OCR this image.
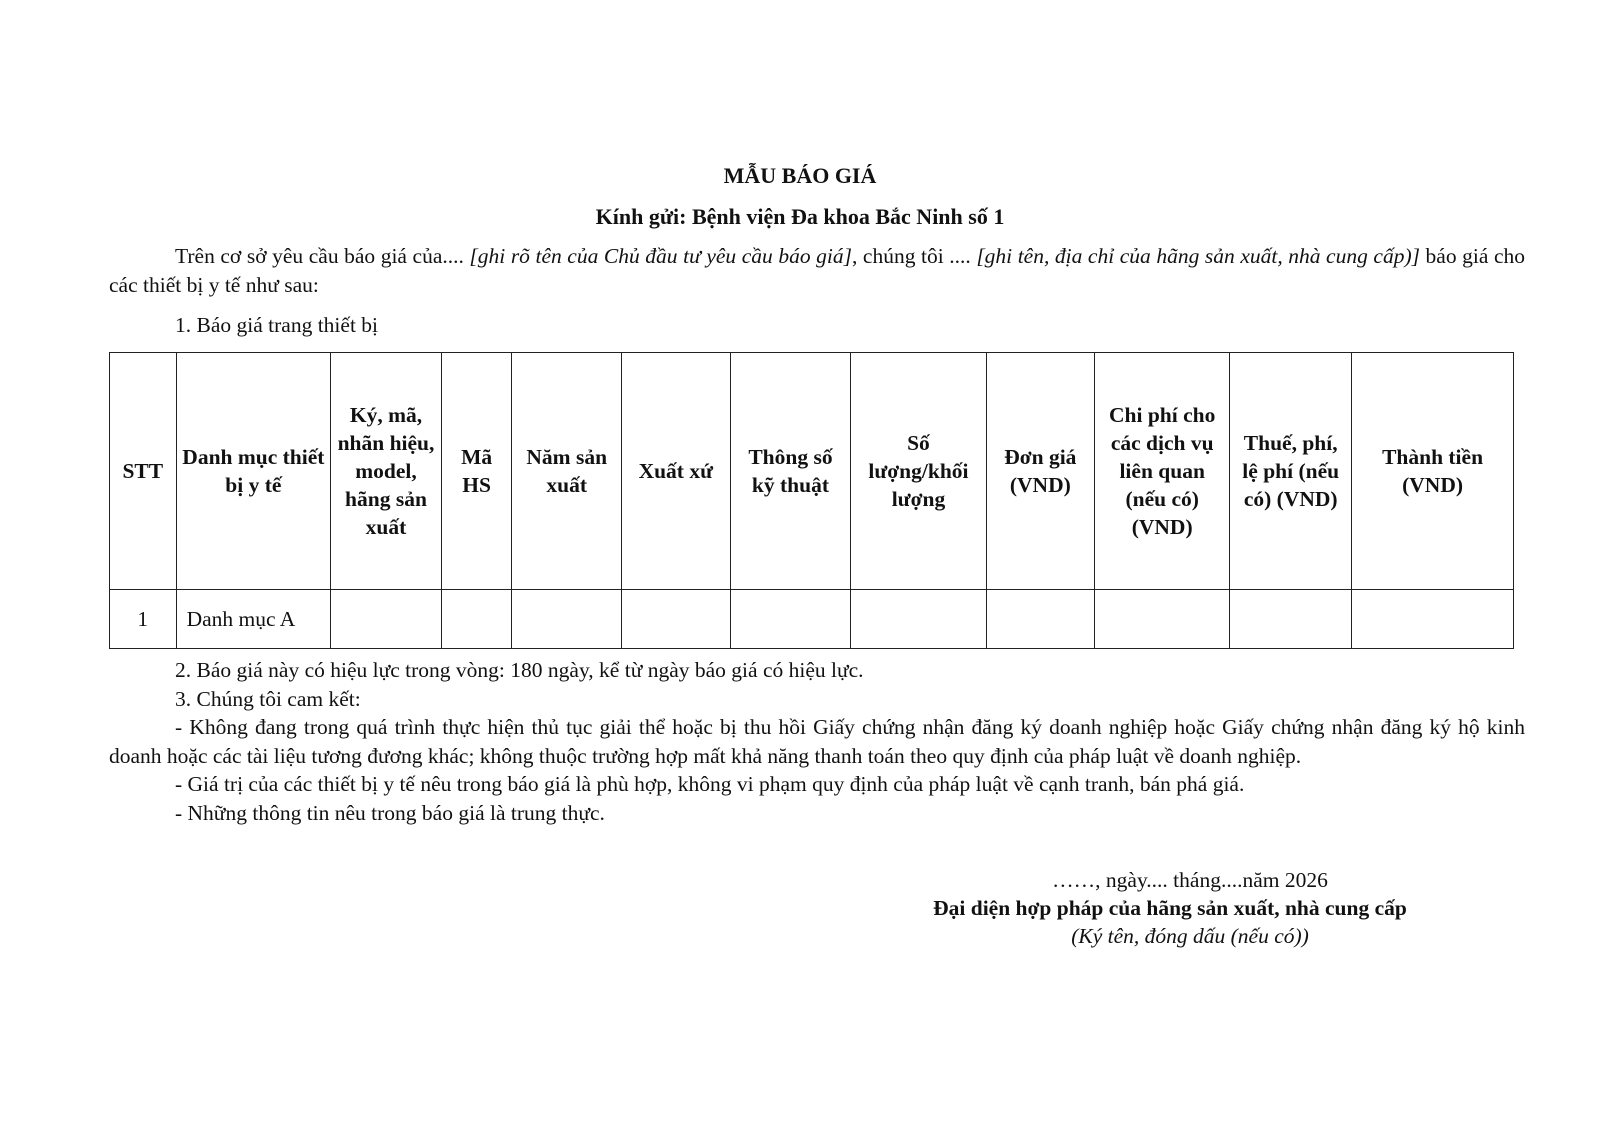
MẪU BÁO GIÁ
Kính gửi: Bệnh viện Đa khoa Bắc Ninh số 1
Trên cơ sở yêu cầu báo giá của.... [ghi rõ tên của Chủ đầu tư yêu cầu báo giá], chúng tôi .... [ghi tên, địa chỉ của hãng sản xuất, nhà cung cấp)] báo giá cho các thiết bị y tế như sau:
1. Báo giá trang thiết bị
STT	Danh mục thiết bị y tế	Ký, mã, nhãn hiệu, model, hãng sản xuất	Mã HS	Năm sản xuất	Xuất xứ	Thông số kỹ thuật	Số lượng/khối lượng	Đơn giá (VND)	Chi phí cho các dịch vụ liên quan (nếu có) (VND)	Thuế, phí, lệ phí (nếu có) (VND)	Thành tiền (VND)
1	Danh mục A										

2. Báo giá này có hiệu lực trong vòng: 180 ngày, kể từ ngày báo giá có hiệu lực.

3. Chúng tôi cam kết:

- Không đang trong quá trình thực hiện thủ tục giải thể hoặc bị thu hồi Giấy chứng nhận đăng ký doanh nghiệp hoặc Giấy chứng nhận đăng ký hộ kinh doanh hoặc các tài liệu tương đương khác; không thuộc trường hợp mất khả năng thanh toán theo quy định của pháp luật về doanh nghiệp.

- Giá trị của các thiết bị y tế nêu trong báo giá là phù hợp, không vi phạm quy định của pháp luật về cạnh tranh, bán phá giá.

- Những thông tin nêu trong báo giá là trung thực.

……, ngày.... tháng....năm 2026
Đại diện hợp pháp của hãng sản xuất, nhà cung cấp
(Ký tên, đóng dấu (nếu có))
